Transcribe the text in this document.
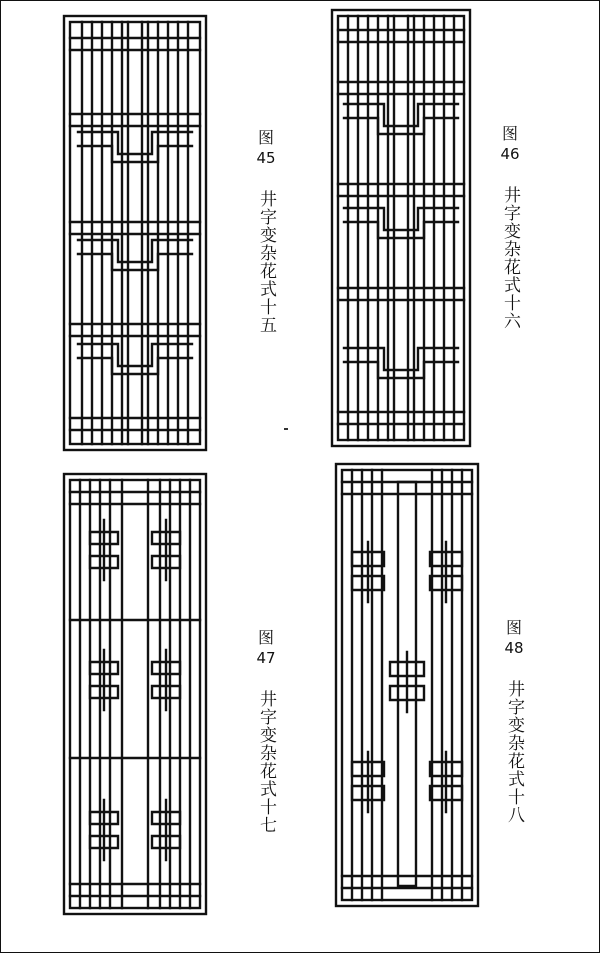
图
45
井字变杂花式十五
图
46
井字变杂花式十六
图
47
井字变杂花式十七
图
48
井字变杂花式十八
